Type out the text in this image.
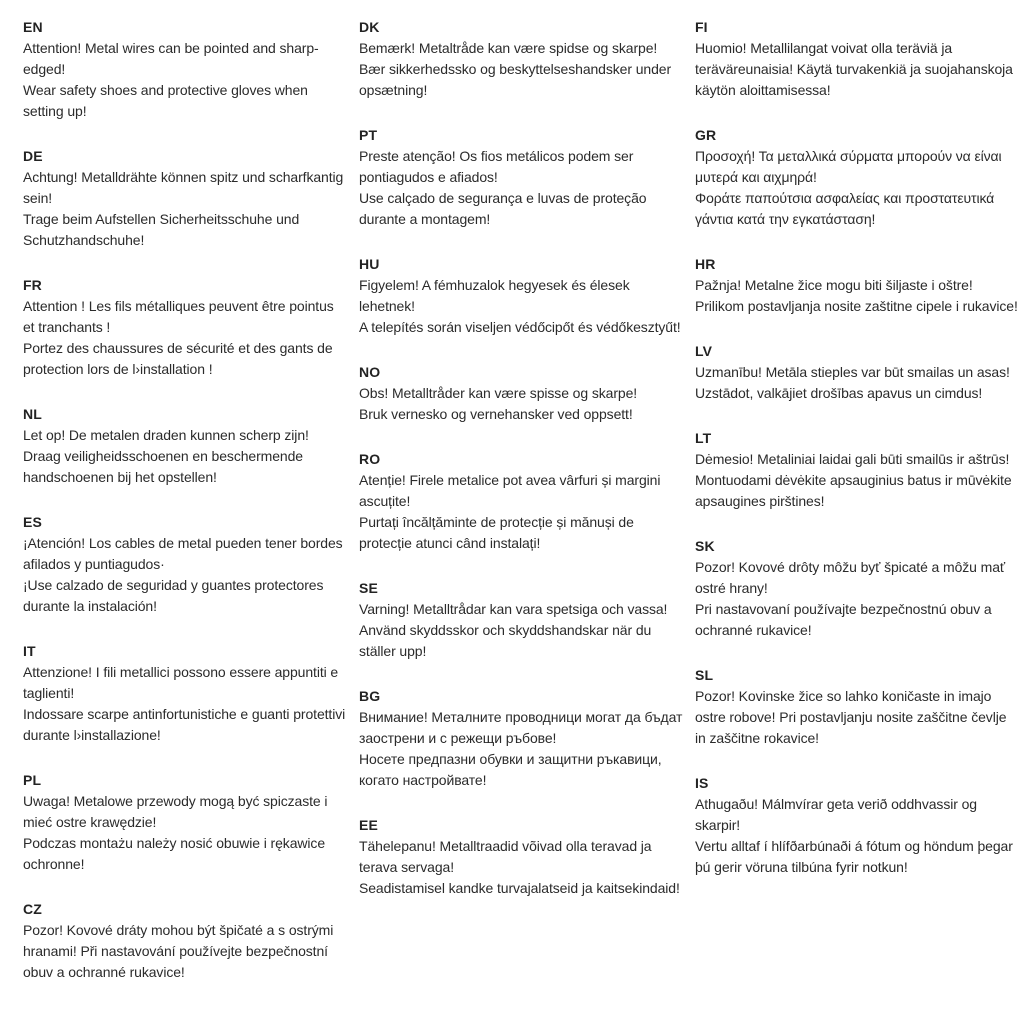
EN

Attention! Metal wires can be pointed and sharp-edged!

Wear safety shoes and protective gloves when setting up!

DE

Achtung! Metalldrähte können spitz und scharfkantig sein!

Trage beim Aufstellen Sicherheitsschuhe und Schutzhandschuhe!

FR

Attention ! Les fils métalliques peuvent être pointus et tranchants !

Portez des chaussures de sécurité et des gants de protection lors de l›installation !

NL

Let op! De metalen draden kunnen scherp zijn!

Draag veiligheidsschoenen en beschermende handschoenen bij het opstellen!

ES

¡Atención! Los cables de metal pueden tener bordes afilados y puntiagudos·

¡Use calzado de seguridad y guantes protectores durante la instalación!

IT

Attenzione! I fili metallici possono essere appuntiti e taglienti!

Indossare scarpe antinfortunistiche e guanti protettivi durante l›installazione!

PL

Uwaga! Metalowe przewody mogą być spiczaste i mieć ostre krawędzie!

Podczas montażu należy nosić obuwie i rękawice ochronne!

CZ

Pozor! Kovové dráty mohou být špičaté a s ostrými hranami! Při nastavování používejte bezpečnostní obuv a ochranné rukavice!

DK

Bemærk! Metaltråde kan være spidse og skarpe!

Bær sikkerhedssko og beskyttelseshandsker under opsætning!

PT

Preste atenção! Os fios metálicos podem ser pontiagudos e afiados!

Use calçado de segurança e luvas de proteção durante a montagem!

HU

Figyelem! A fémhuzalok hegyesek és élesek lehetnek!

A telepítés során viseljen védőcipőt és védőkesztyűt!

NO

Obs! Metalltråder kan være spisse og skarpe!

Bruk vernesko og vernehansker ved oppsett!

RO

Atenție! Firele metalice pot avea vârfuri și margini ascuțite!

Purtați încălțăminte de protecție și mănuși de protecție atunci când instalați!

SE

Varning! Metalltrådar kan vara spetsiga och vassa!

Använd skyddsskor och skyddshandskar när du ställer upp!

BG

Внимание! Металните проводници могат да бъдат заострени и с режещи ръбове!

Носете предпазни обувки и защитни ръкавици, когато настройвате!

EE

Tähelepanu! Metalltraadid võivad olla teravad ja terava servaga!

Seadistamisel kandke turvajalatseid ja kaitsekindaid!

FI

Huomio! Metallilangat voivat olla teräviä ja teräväreunaisia! Käytä turvakenkiä ja suojahanskoja käytön aloittamisessa!

GR

Προσοχή! Τα μεταλλικά σύρματα μπορούν να είναι μυτερά και αιχμηρά!

Φοράτε παπούτσια ασφαλείας και προστατευτικά γάντια κατά την εγκατάσταση!

HR

Pažnja! Metalne žice mogu biti šiljaste i oštre!

Prilikom postavljanja nosite zaštitne cipele i rukavice!

LV

Uzmanību! Metāla stieples var būt smailas un asas!

Uzstādot, valkājiet drošības apavus un cimdus!

LT

Dėmesio! Metaliniai laidai gali būti smailūs ir aštrūs!

Montuodami dėvėkite apsauginius batus ir mūvėkite apsaugines pirštines!

SK

Pozor! Kovové drôty môžu byť špicaté a môžu mať ostré hrany!

Pri nastavovaní používajte bezpečnostnú obuv a ochranné rukavice!

SL

Pozor! Kovinske žice so lahko koničaste in imajo ostre robove! Pri postavljanju nosite zaščitne čevlje in zaščitne rokavice!

IS

Athugaðu! Málmvírar geta verið oddhvassir og skarpir!

Vertu alltaf í hlífðarbúnaði á fótum og höndum þegar þú gerir vöruna tilbúna fyrir notkun!
